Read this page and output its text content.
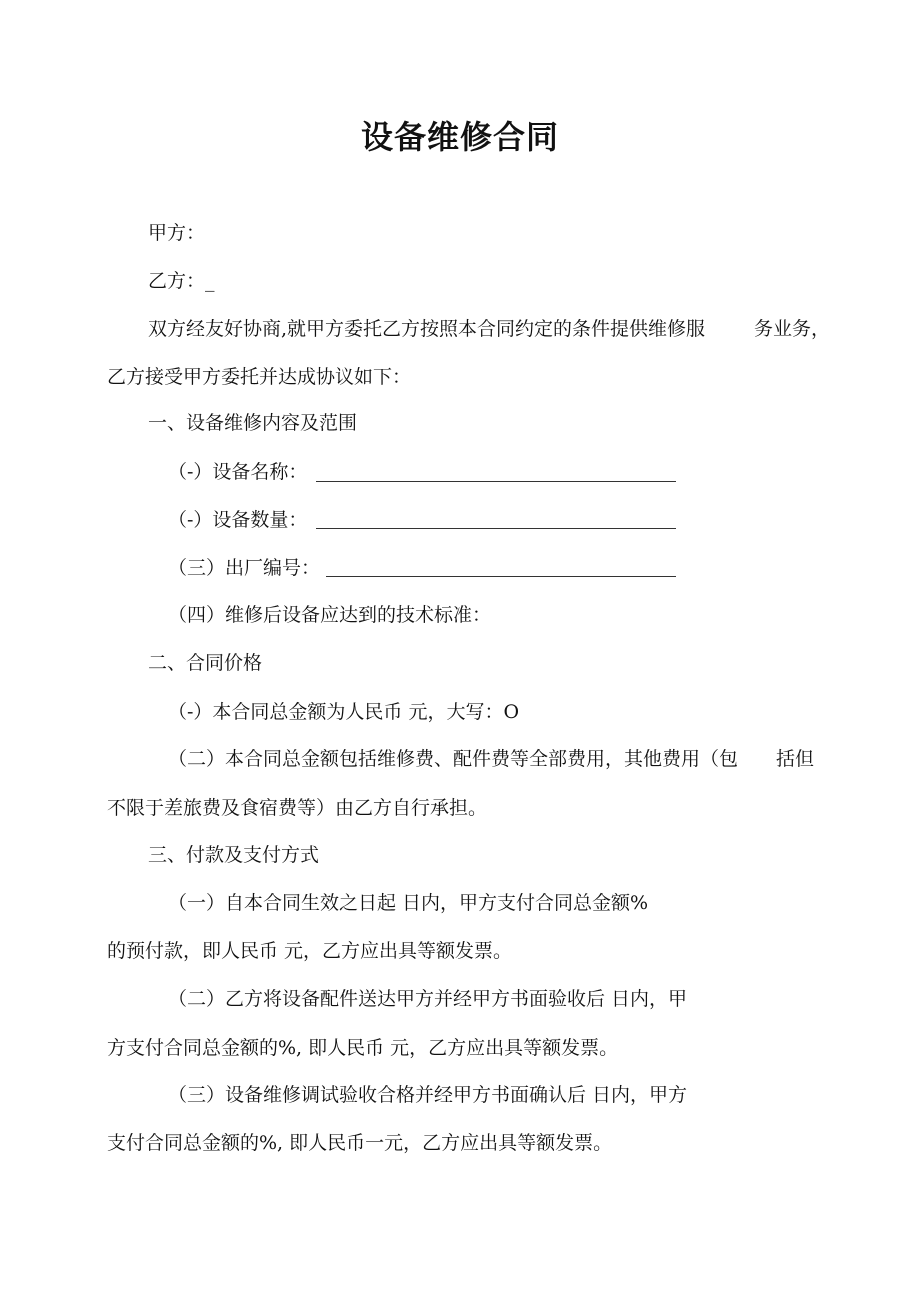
设备维修合同
甲方：
乙方：_
双方经友好协商,就甲方委托乙方按照本合同约定的条件提供维修服	务业务，
乙方接受甲方委托并达成协议如下：
一、设备维修内容及范围
（-）设备名称：
（-）设备数量：
（三）出厂编号：
（四）维修后设备应达到的技术标准：
二、合同价格
（-）本合同总金额为人民币 元，大写：O
（二）本合同总金额包括维修费、配件费等全部费用，其他费用（包 括但
不限于差旅费及食宿费等）由乙方自行承担。
三、付款及支付方式
（一）自本合同生效之日起 日内，甲方支付合同总金额%
的预付款，即人民币 元，乙方应出具等额发票。
（二）乙方将设备配件送达甲方并经甲方书面验收后 日内，甲
方支付合同总金额的%, 即人民币 元，乙方应出具等额发票。
（三）设备维修调试验收合格并经甲方书面确认后 日内，甲方
支付合同总金额的%, 即人民币一元，乙方应出具等额发票。
